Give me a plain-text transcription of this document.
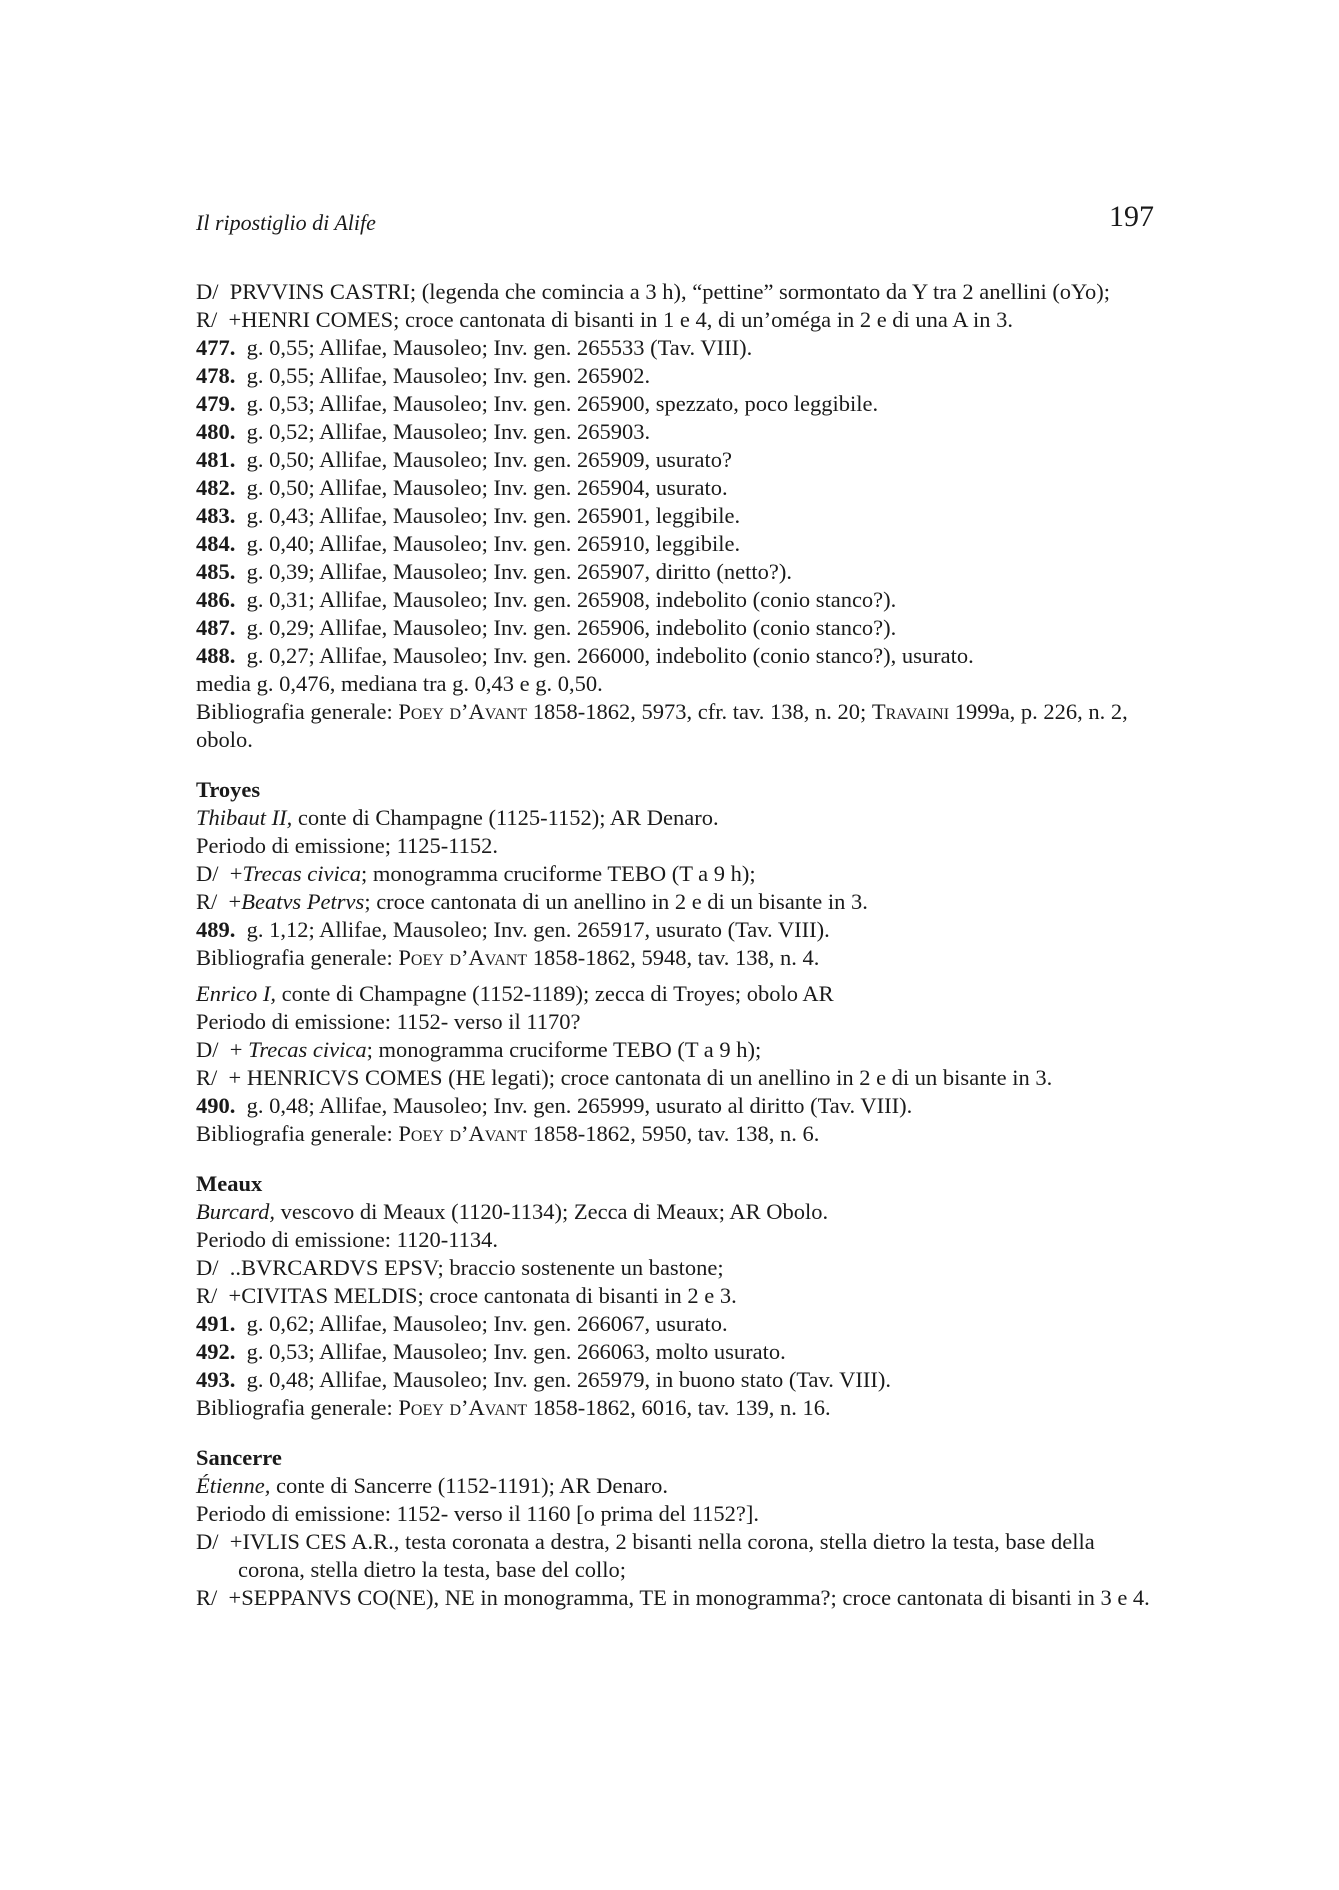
Il ripostiglio di Alife	197
D/ PRVVINS CASTRI; (legenda che comincia a 3 h), “pettine” sormontato da Y tra 2 anellini (oYo);
R/ +HENRI COMES; croce cantonata di bisanti in 1 e 4, di un’oméga in 2 e di una A in 3.
477. g. 0,55; Allifae, Mausoleo; Inv. gen. 265533 (Tav. VIII).
478. g. 0,55; Allifae, Mausoleo; Inv. gen. 265902.
479. g. 0,53; Allifae, Mausoleo; Inv. gen. 265900, spezzato, poco leggibile.
480. g. 0,52; Allifae, Mausoleo; Inv. gen. 265903.
481. g. 0,50; Allifae, Mausoleo; Inv. gen. 265909, usurato?
482. g. 0,50; Allifae, Mausoleo; Inv. gen. 265904, usurato.
483. g. 0,43; Allifae, Mausoleo; Inv. gen. 265901, leggibile.
484. g. 0,40; Allifae, Mausoleo; Inv. gen. 265910, leggibile.
485. g. 0,39; Allifae, Mausoleo; Inv. gen. 265907, diritto (netto?).
486. g. 0,31; Allifae, Mausoleo; Inv. gen. 265908, indebolito (conio stanco?).
487. g. 0,29; Allifae, Mausoleo; Inv. gen. 265906, indebolito (conio stanco?).
488. g. 0,27; Allifae, Mausoleo; Inv. gen. 266000, indebolito (conio stanco?), usurato.
media g. 0,476, mediana tra g. 0,43 e g. 0,50.
Bibliografia generale: Poey d’Avant 1858-1862, 5973, cfr. tav. 138, n. 20; Travaini 1999a, p. 226, n. 2, obolo.
Troyes
Thibaut II, conte di Champagne (1125-1152); AR Denaro.
Periodo di emissione; 1125-1152.
D/ +Trecas civica; monogramma cruciforme TEBO (T a 9 h);
R/ +Beatvs Petrvs; croce cantonata di un anellino in 2 e di un bisante in 3.
489. g. 1,12; Allifae, Mausoleo; Inv. gen. 265917, usurato (Tav. VIII).
Bibliografia generale: Poey d’Avant 1858-1862, 5948, tav. 138, n. 4.
Enrico I, conte di Champagne (1152-1189); zecca di Troyes; obolo AR
Periodo di emissione: 1152- verso il 1170?
D/ + Trecas civica; monogramma cruciforme TEBO (T a 9 h);
R/ + HENRICVS COMES (HE legati); croce cantonata di un anellino in 2 e di un bisante in 3.
490. g. 0,48; Allifae, Mausoleo; Inv. gen. 265999, usurato al diritto (Tav. VIII).
Bibliografia generale: Poey d’Avant 1858-1862, 5950, tav. 138, n. 6.
Meaux
Burcard, vescovo di Meaux (1120-1134); Zecca di Meaux; AR Obolo.
Periodo di emissione: 1120-1134.
D/ ..BVRCARDVS EPSV; braccio sostenente un bastone;
R/ +CIVITAS MELDIS; croce cantonata di bisanti in 2 e 3.
491. g. 0,62; Allifae, Mausoleo; Inv. gen. 266067, usurato.
492. g. 0,53; Allifae, Mausoleo; Inv. gen. 266063, molto usurato.
493. g. 0,48; Allifae, Mausoleo; Inv. gen. 265979, in buono stato (Tav. VIII).
Bibliografia generale: Poey d’Avant 1858-1862, 6016, tav. 139, n. 16.
Sancerre
Étienne, conte di Sancerre (1152-1191); AR Denaro.
Periodo di emissione: 1152- verso il 1160 [o prima del 1152?].
D/ +IVLIS CES A.R., testa coronata a destra, 2 bisanti nella corona, stella dietro la testa, base della corona, stella dietro la testa, base del collo;
R/ +SEPPANVS CO(NE), NE in monogramma, TE in monogramma?; croce cantonata di bisanti in 3 e 4.
